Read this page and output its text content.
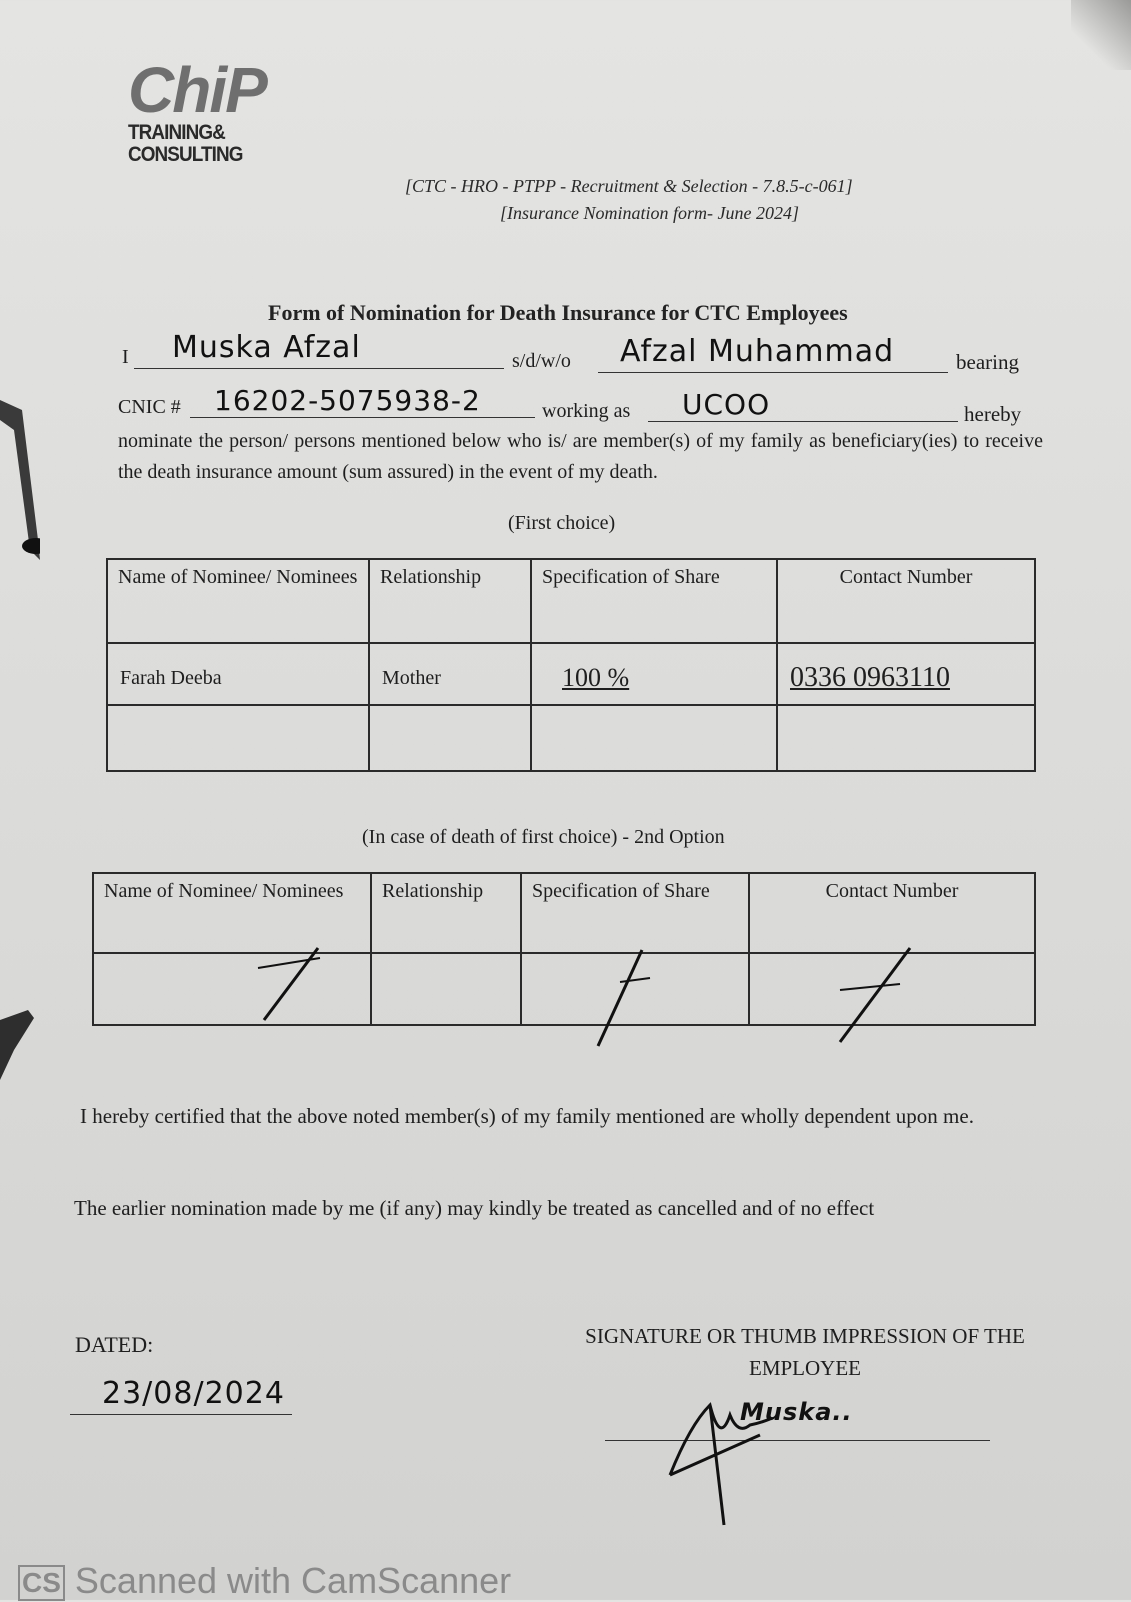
ChiP
TRAINING&
CONSULTING
[CTC - HRO - PTPP - Recruitment & Selection - 7.8.5-c-061]
[Insurance Nomination form- June 2024]
Form of Nomination for Death Insurance for CTC Employees
I Muska Afzal	s/d/w/o Afzal Muhammad	bearing
CNIC # 16202-5075938-2	working as UCOO	hereby
nominate the person/ persons mentioned below who is/ are member(s) of my family as beneficiary(ies) to receive the death insurance amount (sum assured) in the event of my death.
(First choice)
Name of Nominee/ Nominees	Relationship	Specification of Share	Contact Number
Farah Deeba	Mother	100 %	0336 0963110

(In case of death of first choice) - 2nd Option
Name of Nominee/ Nominees	Relationship	Specification of Share	Contact Number

I hereby certified that the above noted member(s) of my family mentioned are wholly dependent upon me.
The earlier nomination made by me (if any) may kindly be treated as cancelled and of no effect
DATED:
23/08/2024
SIGNATURE OR THUMB IMPRESSION OF THE EMPLOYEE
Muska..
CS Scanned with CamScanner
